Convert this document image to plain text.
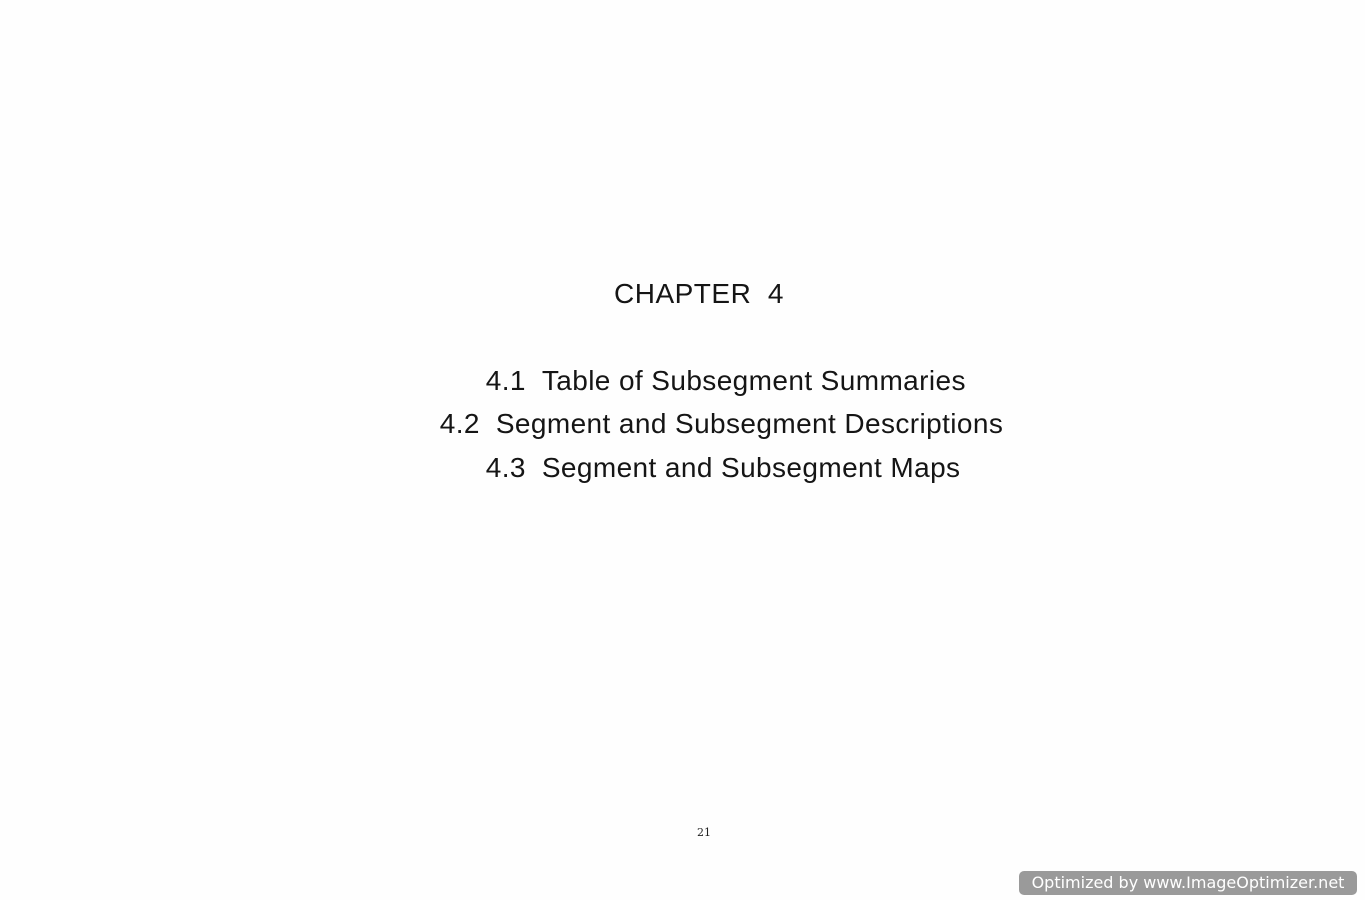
CHAPTER  4

4.1 Table of Subsegment Summaries

4.2 Segment and Subsegment Descriptions

4.3 Segment and Subsegment Maps

21
Optimized by www.ImageOptimizer.net
